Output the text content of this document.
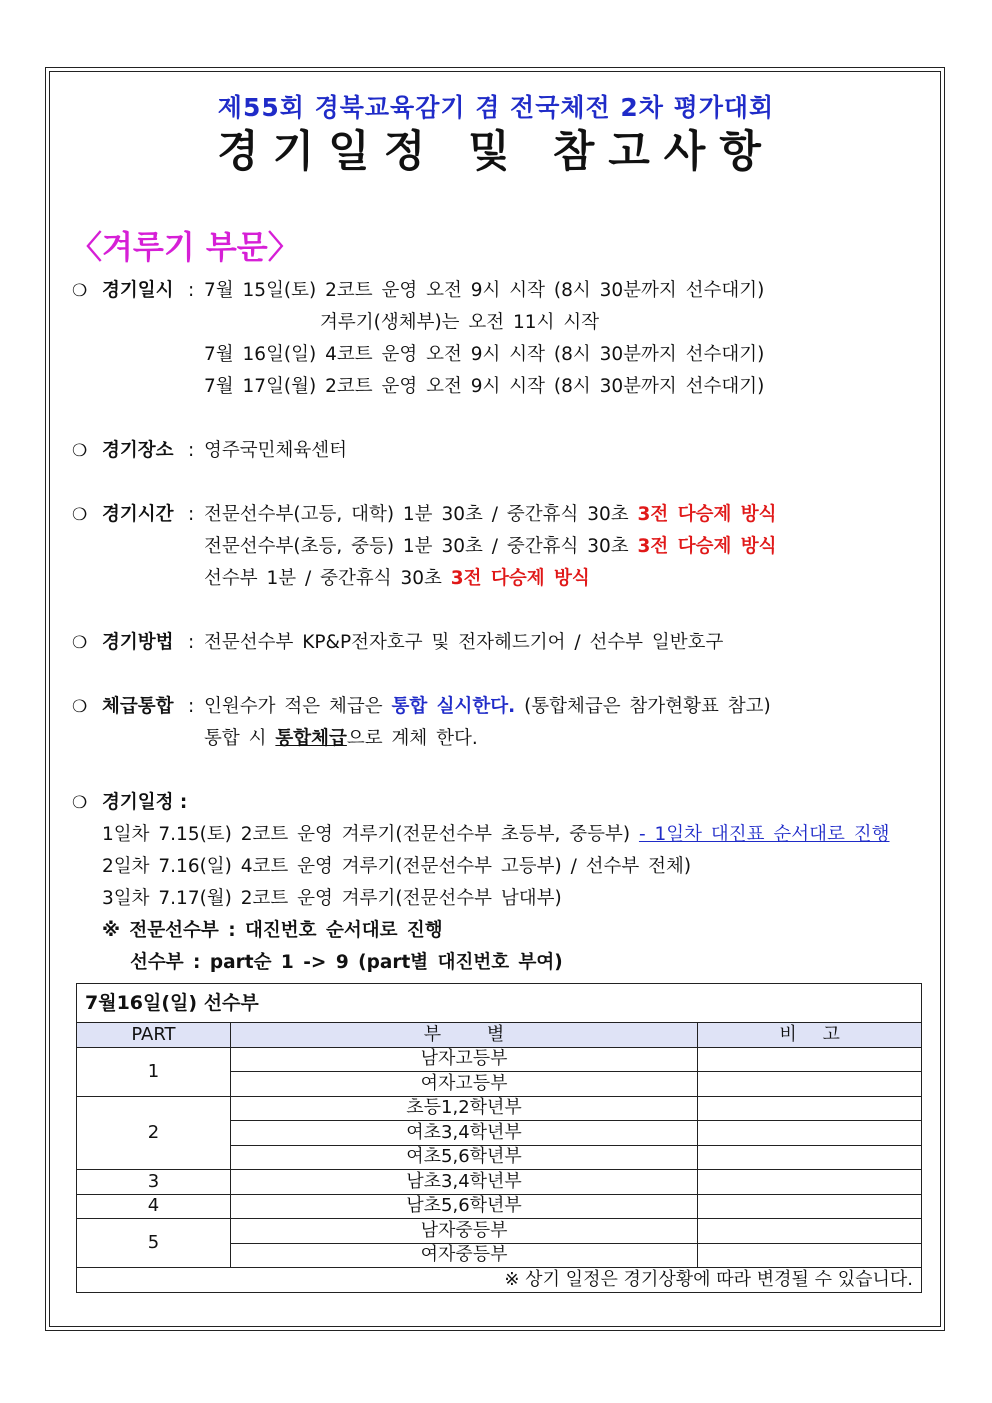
제55회 경북교육감기 겸 전국체전 2차 평가대회
경기일정 및 참고사항
〈겨루기 부문〉
❍ 경기일시 : 7월 15일(토) 2코트 운영 오전 9시 시작 (8시 30분까지 선수대기)
겨루기(생체부)는 오전 11시 시작
7월 16일(일) 4코트 운영 오전 9시 시작 (8시 30분까지 선수대기)
7월 17일(월) 2코트 운영 오전 9시 시작 (8시 30분까지 선수대기)
❍ 경기장소 : 영주국민체육센터
❍ 경기시간 : 전문선수부(고등, 대학) 1분 30초 / 중간휴식 30초 3전 다승제 방식
전문선수부(초등, 중등) 1분 30초 / 중간휴식 30초 3전 다승제 방식
선수부 1분 / 중간휴식 30초 3전 다승제 방식
❍ 경기방법 : 전문선수부 KP&P전자호구 및 전자헤드기어 / 선수부 일반호구
❍ 체급통합 : 인원수가 적은 체급은 통합 실시한다. (통합체급은 참가현황표 참고)
통합 시 통합체급으로 계체 한다.
❍ 경기일정 :
1일차 7.15(토) 2코트 운영 겨루기(전문선수부 초등부, 중등부) - 1일차 대진표 순서대로 진행
2일차 7.16(일) 4코트 운영 겨루기(전문선수부 고등부) / 선수부 전체)
3일차 7.17(월) 2코트 운영 겨루기(전문선수부 남대부)
※ 전문선수부 : 대진번호 순서대로 진행
선수부 : part순 1 -> 9 (part별 대진번호 부여)
7월16일(일) 선수부		
PART	부 별	비 고
1	남자고등부	
	여자고등부	
2	초등1,2학년부	
	여초3,4학년부	
	여초5,6학년부	
3	남초3,4학년부	
4	남초5,6학년부	
5	남자중등부	
	여자중등부	
※ 상기 일정은 경기상황에 따라 변경될 수 있습니다.		
